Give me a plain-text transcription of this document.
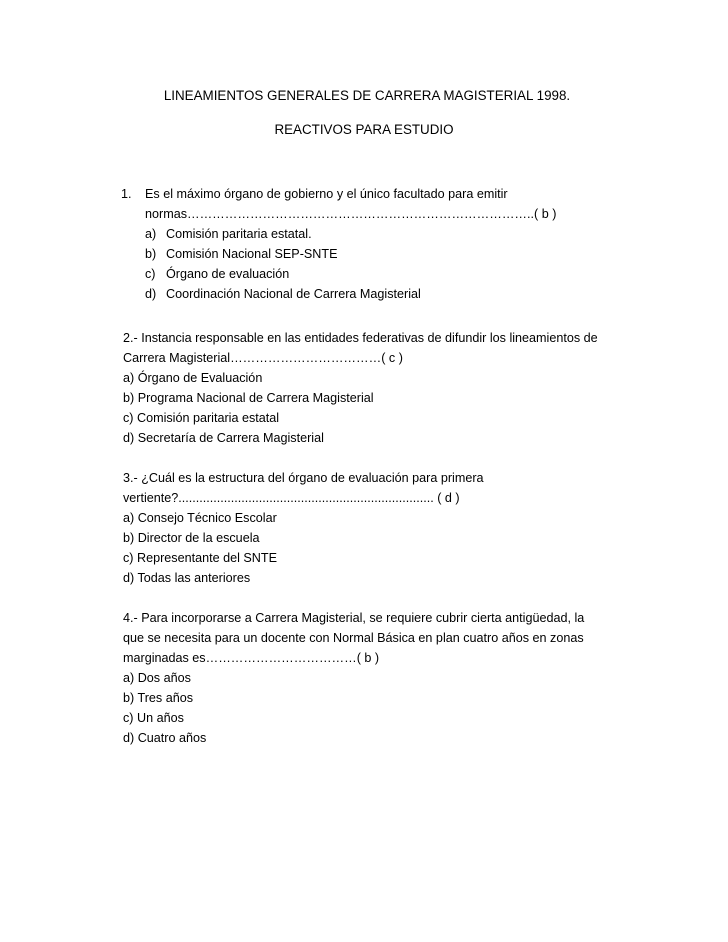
LINEAMIENTOS GENERALES DE CARRERA MAGISTERIAL 1998.
REACTIVOS PARA ESTUDIO
1.	Es el máximo órgano de gobierno y el único facultado para emitir
normas………………………………………………………………………..( b )
a) Comisión paritaria estatal.
b) Comisión Nacional SEP-SNTE
c) Órgano de evaluación
d) Coordinación Nacional de Carrera Magisterial
2.- Instancia responsable en las entidades federativas de difundir los lineamientos de
Carrera Magisterial………………………………( c )
a) Órgano de Evaluación
b) Programa Nacional de Carrera Magisterial
c) Comisión paritaria estatal
d) Secretaría de Carrera Magisterial
3.- ¿Cuál es la estructura del órgano de evaluación para primera
vertiente?......................................................................... ( d )
a) Consejo Técnico Escolar
b) Director de la escuela
c) Representante del SNTE
d) Todas las anteriores
4.- Para incorporarse a Carrera Magisterial, se requiere cubrir cierta antigüedad, la
que se necesita para un docente con Normal Básica en plan cuatro años en zonas
marginadas es………………………………( b )
a) Dos años
b) Tres años
c) Un años
d) Cuatro años
